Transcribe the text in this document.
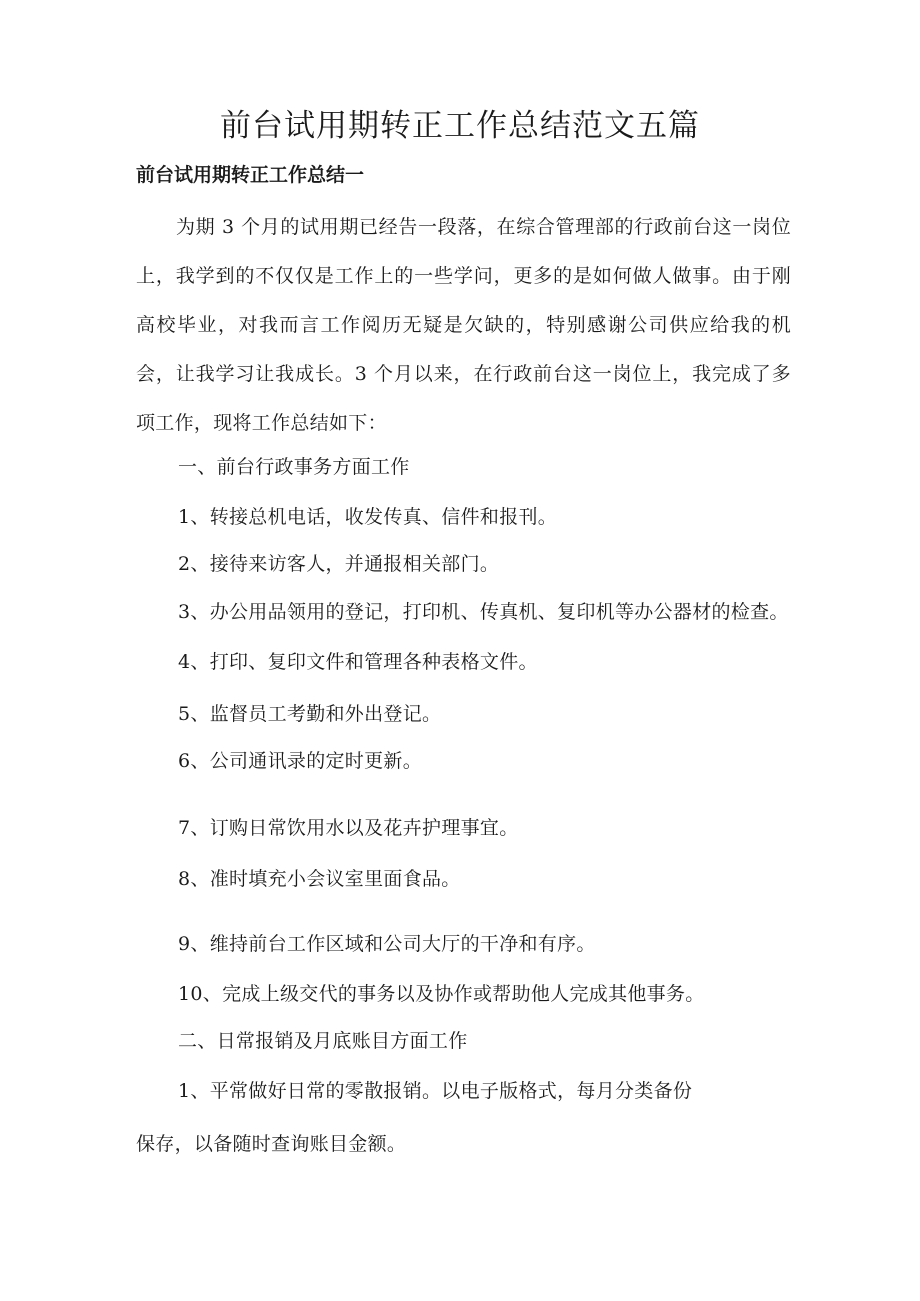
前台试用期转正工作总结范文五篇
前台试用期转正工作总结一

为期 3 个月的试用期已经告一段落，在综合管理部的行政前台这一岗位上，我学到的不仅仅是工作上的一些学问，更多的是如何做人做事。由于刚高校毕业，对我而言工作阅历无疑是欠缺的，特别感谢公司供应给我的机会，让我学习让我成长。3 个月以来，在行政前台这一岗位上，我完成了多项工作，现将工作总结如下：

一、前台行政事务方面工作

1、转接总机电话，收发传真、信件和报刊。

2、接待来访客人，并通报相关部门。

3、办公用品领用的登记，打印机、传真机、复印机等办公器材的检查。

4、打印、复印文件和管理各种表格文件。

5、监督员工考勤和外出登记。

6、公司通讯录的定时更新。

7、订购日常饮用水以及花卉护理事宜。

8、准时填充小会议室里面食品。

9、维持前台工作区域和公司大厅的干净和有序。

10、完成上级交代的事务以及协作或帮助他人完成其他事务。

二、日常报销及月底账目方面工作

1、平常做好日常的零散报销。以电子版格式，每月分类备份

保存，以备随时查询账目金额。
